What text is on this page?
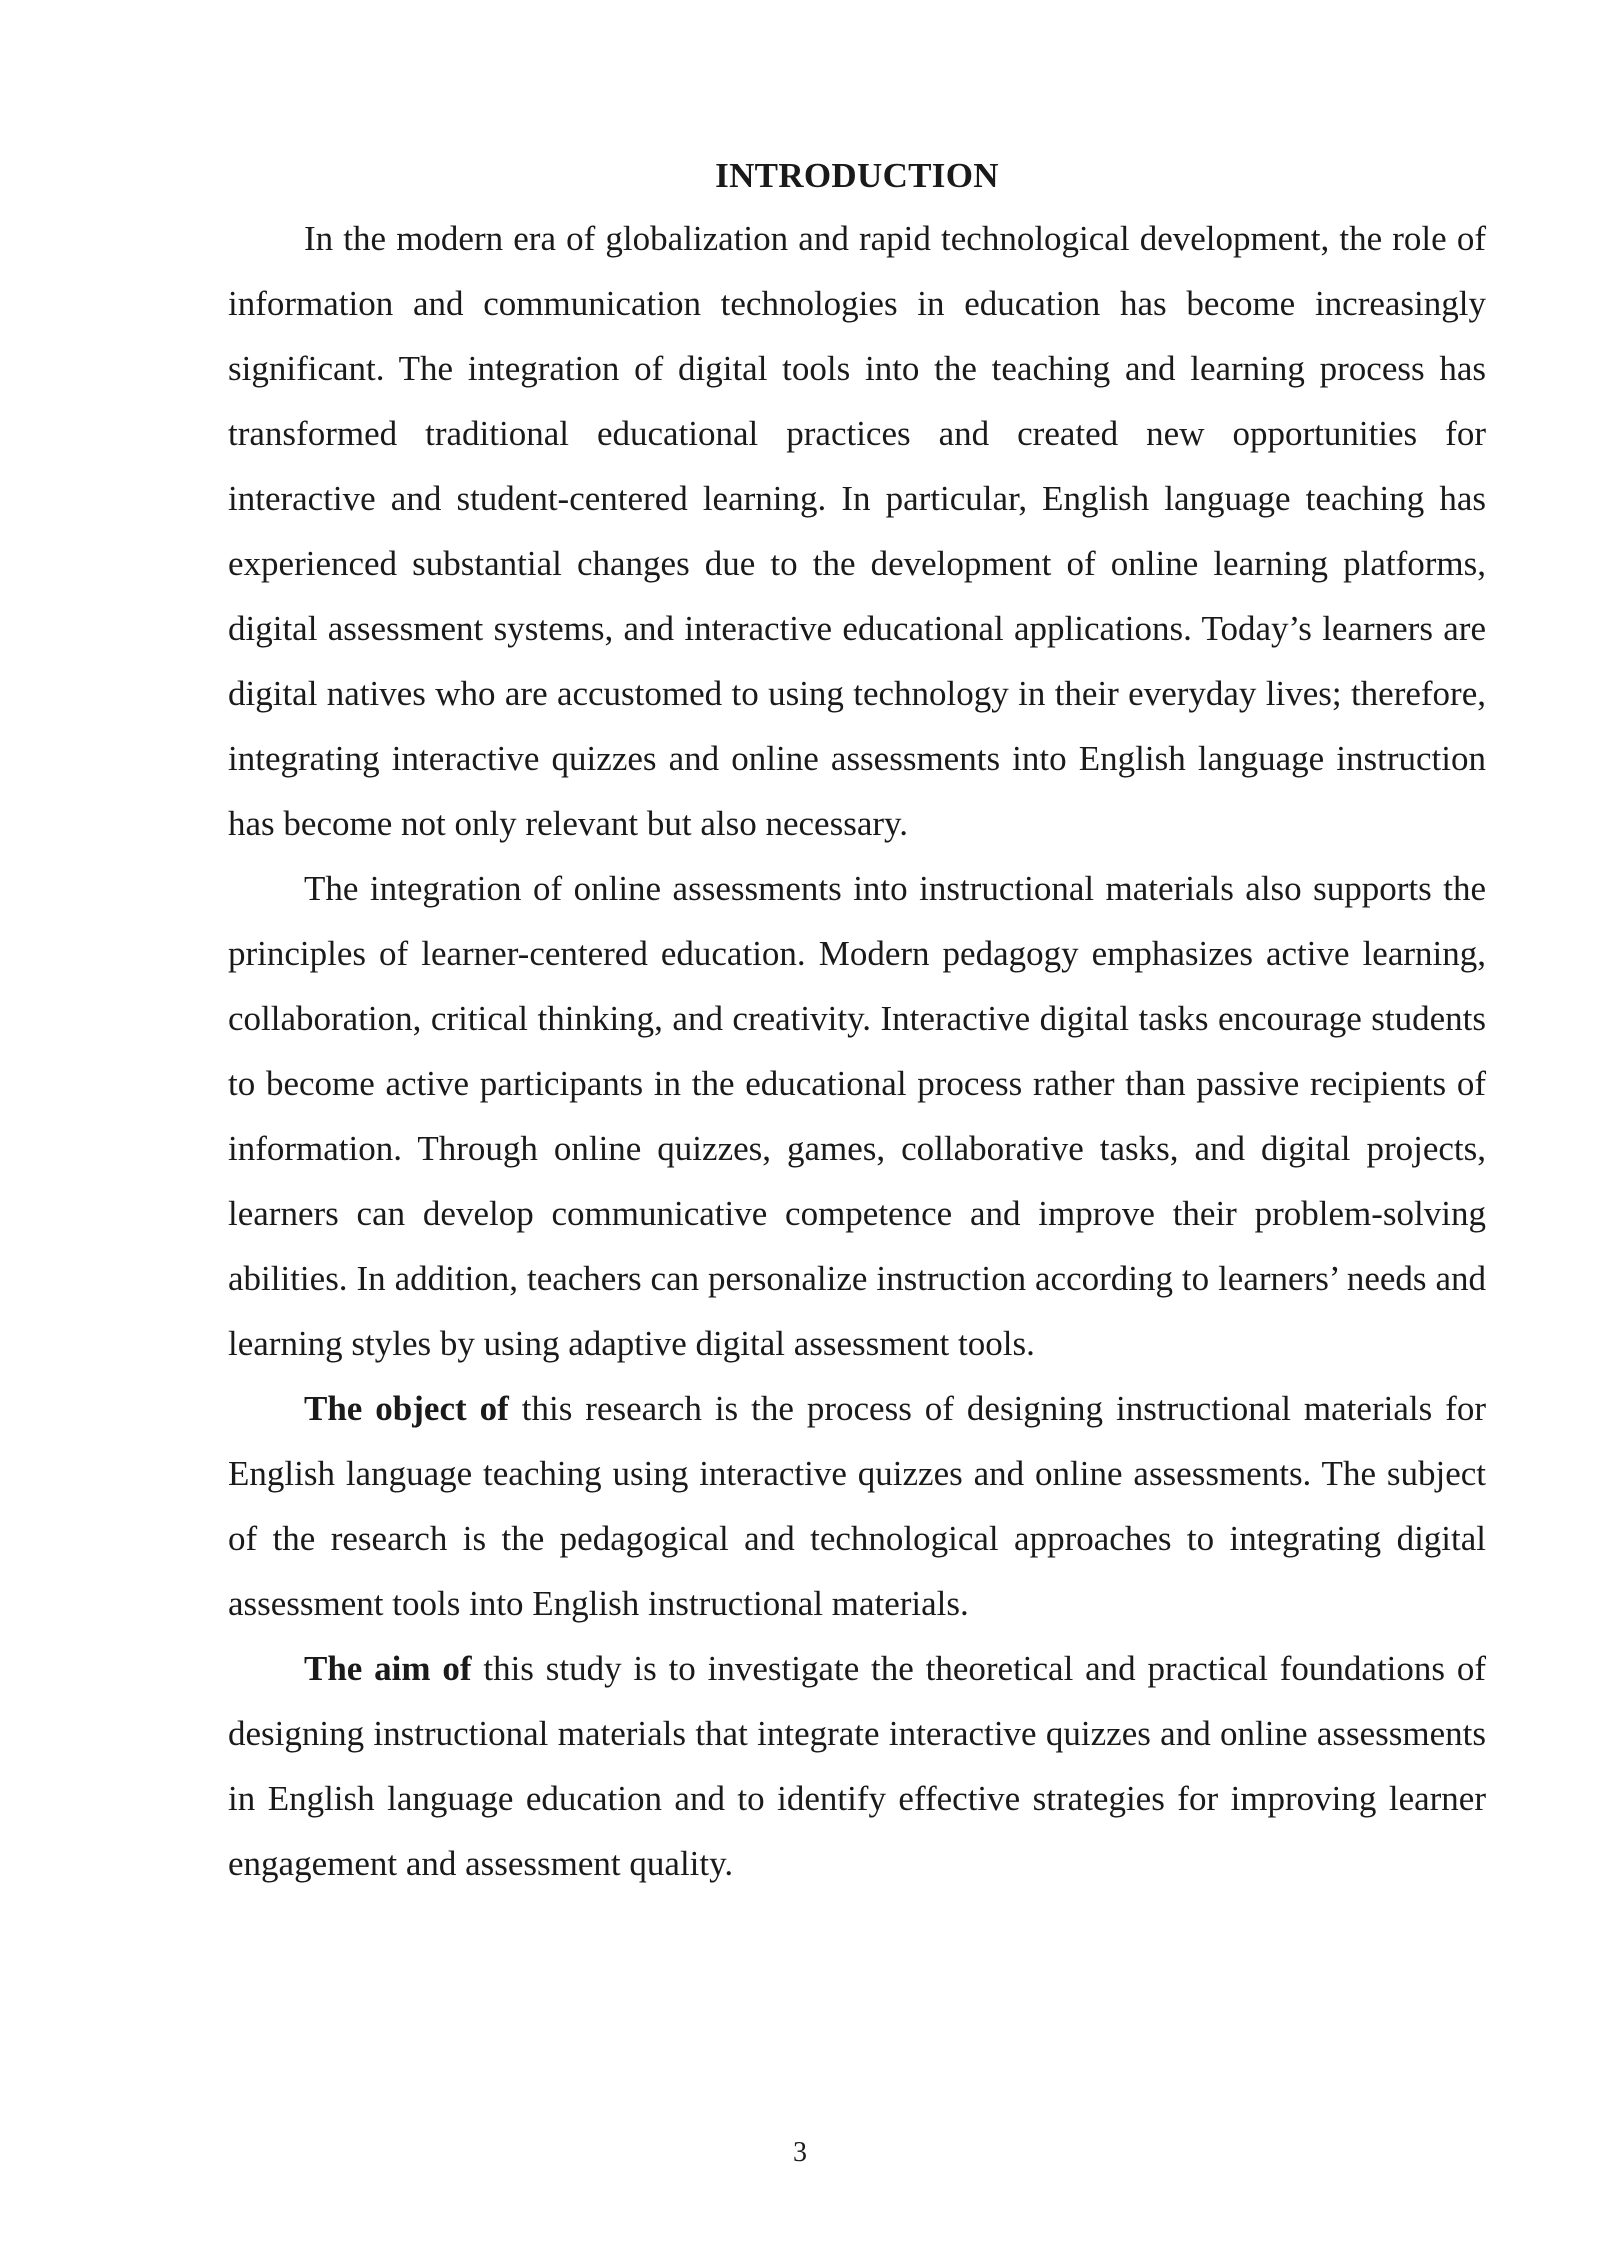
INTRODUCTION

In the modern era of globalization and rapid technological development, the role of information and communication technologies in education has become increasingly significant. The integration of digital tools into the teaching and learning process has transformed traditional educational practices and created new opportunities for interactive and student-centered learning. In particular, English language teaching has experienced substantial changes due to the development of online learning platforms, digital assessment systems, and interactive educational applications. Today’s learners are digital natives who are accustomed to using technology in their everyday lives; therefore, integrating interactive quizzes and online assessments into English language instruction has become not only relevant but also necessary.

The integration of online assessments into instructional materials also supports the principles of learner-centered education. Modern pedagogy emphasizes active learning, collaboration, critical thinking, and creativity. Interactive digital tasks encourage students to become active participants in the educational process rather than passive recipients of information. Through online quizzes, games, collaborative tasks, and digital projects, learners can develop communicative competence and improve their problem-solving abilities. In addition, teachers can personalize instruction according to learners’ needs and learning styles by using adaptive digital assessment tools.

The object of this research is the process of designing instructional materials for English language teaching using interactive quizzes and online assessments. The subject of the research is the pedagogical and technological approaches to integrating digital assessment tools into English instructional materials.

The aim of this study is to investigate the theoretical and practical foundations of designing instructional materials that integrate interactive quizzes and online assessments in English language education and to identify effective strategies for improving learner engagement and assessment quality.

3
